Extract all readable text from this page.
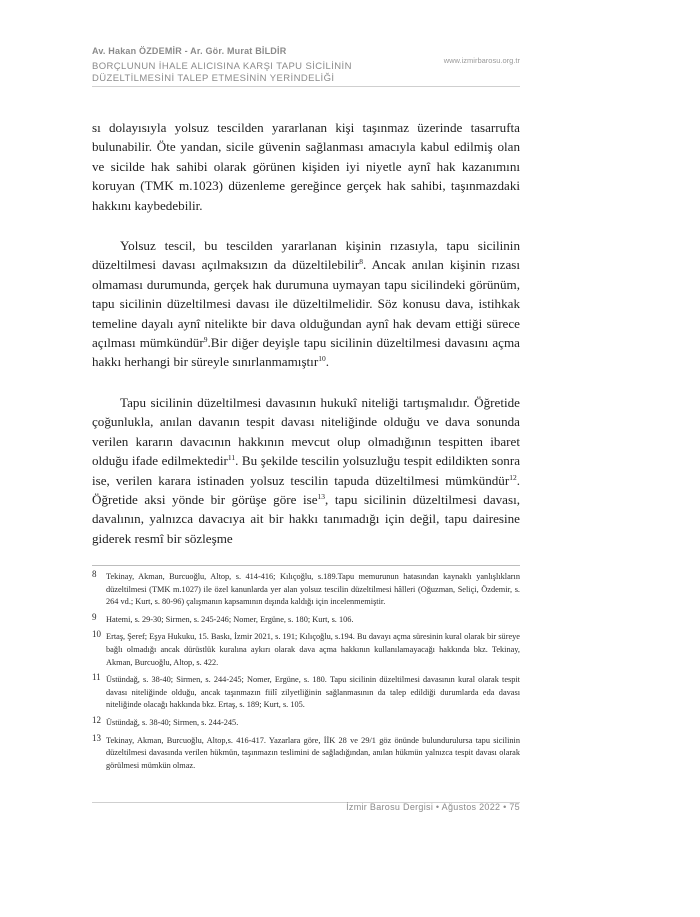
Av. Hakan ÖZDEMİR - Ar. Gör. Murat BİLDİR
BORÇLUNUN İHALE ALICISINA KARŞI TAPU SİCİLİNİN
DÜZELTİLMESİNİ TALEP ETMESİNİN YERİNDELİĞİ
www.izmirbarosu.org.tr

sı dolayısıyla yolsuz tescilden yararlanan kişi taşınmaz üzerinde tasarrufta bulunabilir. Öte yandan, sicile güvenin sağlanması amacıyla kabul edilmiş olan ve sicilde hak sahibi olarak görünen kişiden iyi niyetle aynî hak kazanımını koruyan (TMK m.1023) düzenleme gereğince gerçek hak sahibi, taşınmazdaki hakkını kaybedebilir.

Yolsuz tescil, bu tescilden yararlanan kişinin rızasıyla, tapu sicilinin düzeltilmesi davası açılmaksızın da düzeltilebilir$^8$. Ancak anılan kişinin rızası olmaması durumunda, gerçek hak durumuna uymayan tapu sicilindeki görünüm, tapu sicilinin düzeltilmesi davası ile düzeltilmelidir. Söz konusu dava, istihkak temeline dayalı aynî nitelikte bir dava olduğundan aynî hak devam ettiği sürece açılması mümkündür$^9$.Bir diğer deyişle tapu sicilinin düzeltilmesi davasını açma hakkı herhangi bir süreyle sınırlanmamıştır$^{10}$.

Tapu sicilinin düzeltilmesi davasının hukukî niteliği tartışmalıdır. Öğretide çoğunlukla, anılan davanın tespit davası niteliğinde olduğu ve dava sonunda verilen kararın davacının hakkının mevcut olup olmadığının tespitten ibaret olduğu ifade edilmektedir$^{11}$. Bu şekilde tescilin yolsuzluğu tespit edildikten sonra ise, verilen karara istinaden yolsuz tescilin tapuda düzeltilmesi mümkündür$^{12}$. Öğretide aksi yönde bir görüşe göre ise$^{13}$, tapu sicilinin düzeltilmesi davası, davalının, yalnızca davacıya ait bir hakkı tanımadığı için değil, tapu dairesine giderek resmî bir sözleşme

8 Tekinay, Akman, Burcuoğlu, Altop, s. 414-416; Kılıçoğlu, s.189.Tapu memurunun hatasından kaynaklı yanlışlıkların düzeltilmesi (TMK m.1027) ile özel kanunlarda yer alan yolsuz tescilin düzeltilmesi hâlleri (Oğuzman, Seliçi, Özdemir, s. 264 vd.; Kurt, s. 80-96) çalışmanın kapsamının dışında kaldığı için incelenmemiştir.
9 Hatemi, s. 29-30; Sirmen, s. 245-246; Nomer, Ergüne, s. 180; Kurt, s. 106.
10 Ertaş, Şeref; Eşya Hukuku, 15. Baskı, İzmir 2021, s. 191; Kılıçoğlu, s.194. Bu davayı açma süresinin kural olarak bir süreye bağlı olmadığı ancak dürüstlük kuralına aykırı olarak dava açma hakkının kullanılamayacağı hakkında bkz. Tekinay, Akman, Burcuoğlu, Altop, s. 422.
11 Üstündağ, s. 38-40; Sirmen, s. 244-245; Nomer, Ergüne, s. 180. Tapu sicilinin düzeltilmesi davasının kural olarak tespit davası niteliğinde olduğu, ancak taşınmazın fiilî zilyetliğinin sağlanmasının da talep edildiği durumlarda eda davası niteliğinde olacağı hakkında bkz. Ertaş, s. 189; Kurt, s. 105.
12 Üstündağ, s. 38-40; Sirmen, s. 244-245.
13 Tekinay, Akman, Burcuoğlu, Altop,s. 416-417. Yazarlara göre, İİK 28 ve 29/1 göz önünde bulundurulursa tapu sicilinin düzeltilmesi davasında verilen hükmün, taşınmazın teslimini de sağladığından, anılan hükmün yalnızca tespit davası olarak görülmesi mümkün olmaz.
İzmir Barosu Dergisi • Ağustos 2022 • 75
